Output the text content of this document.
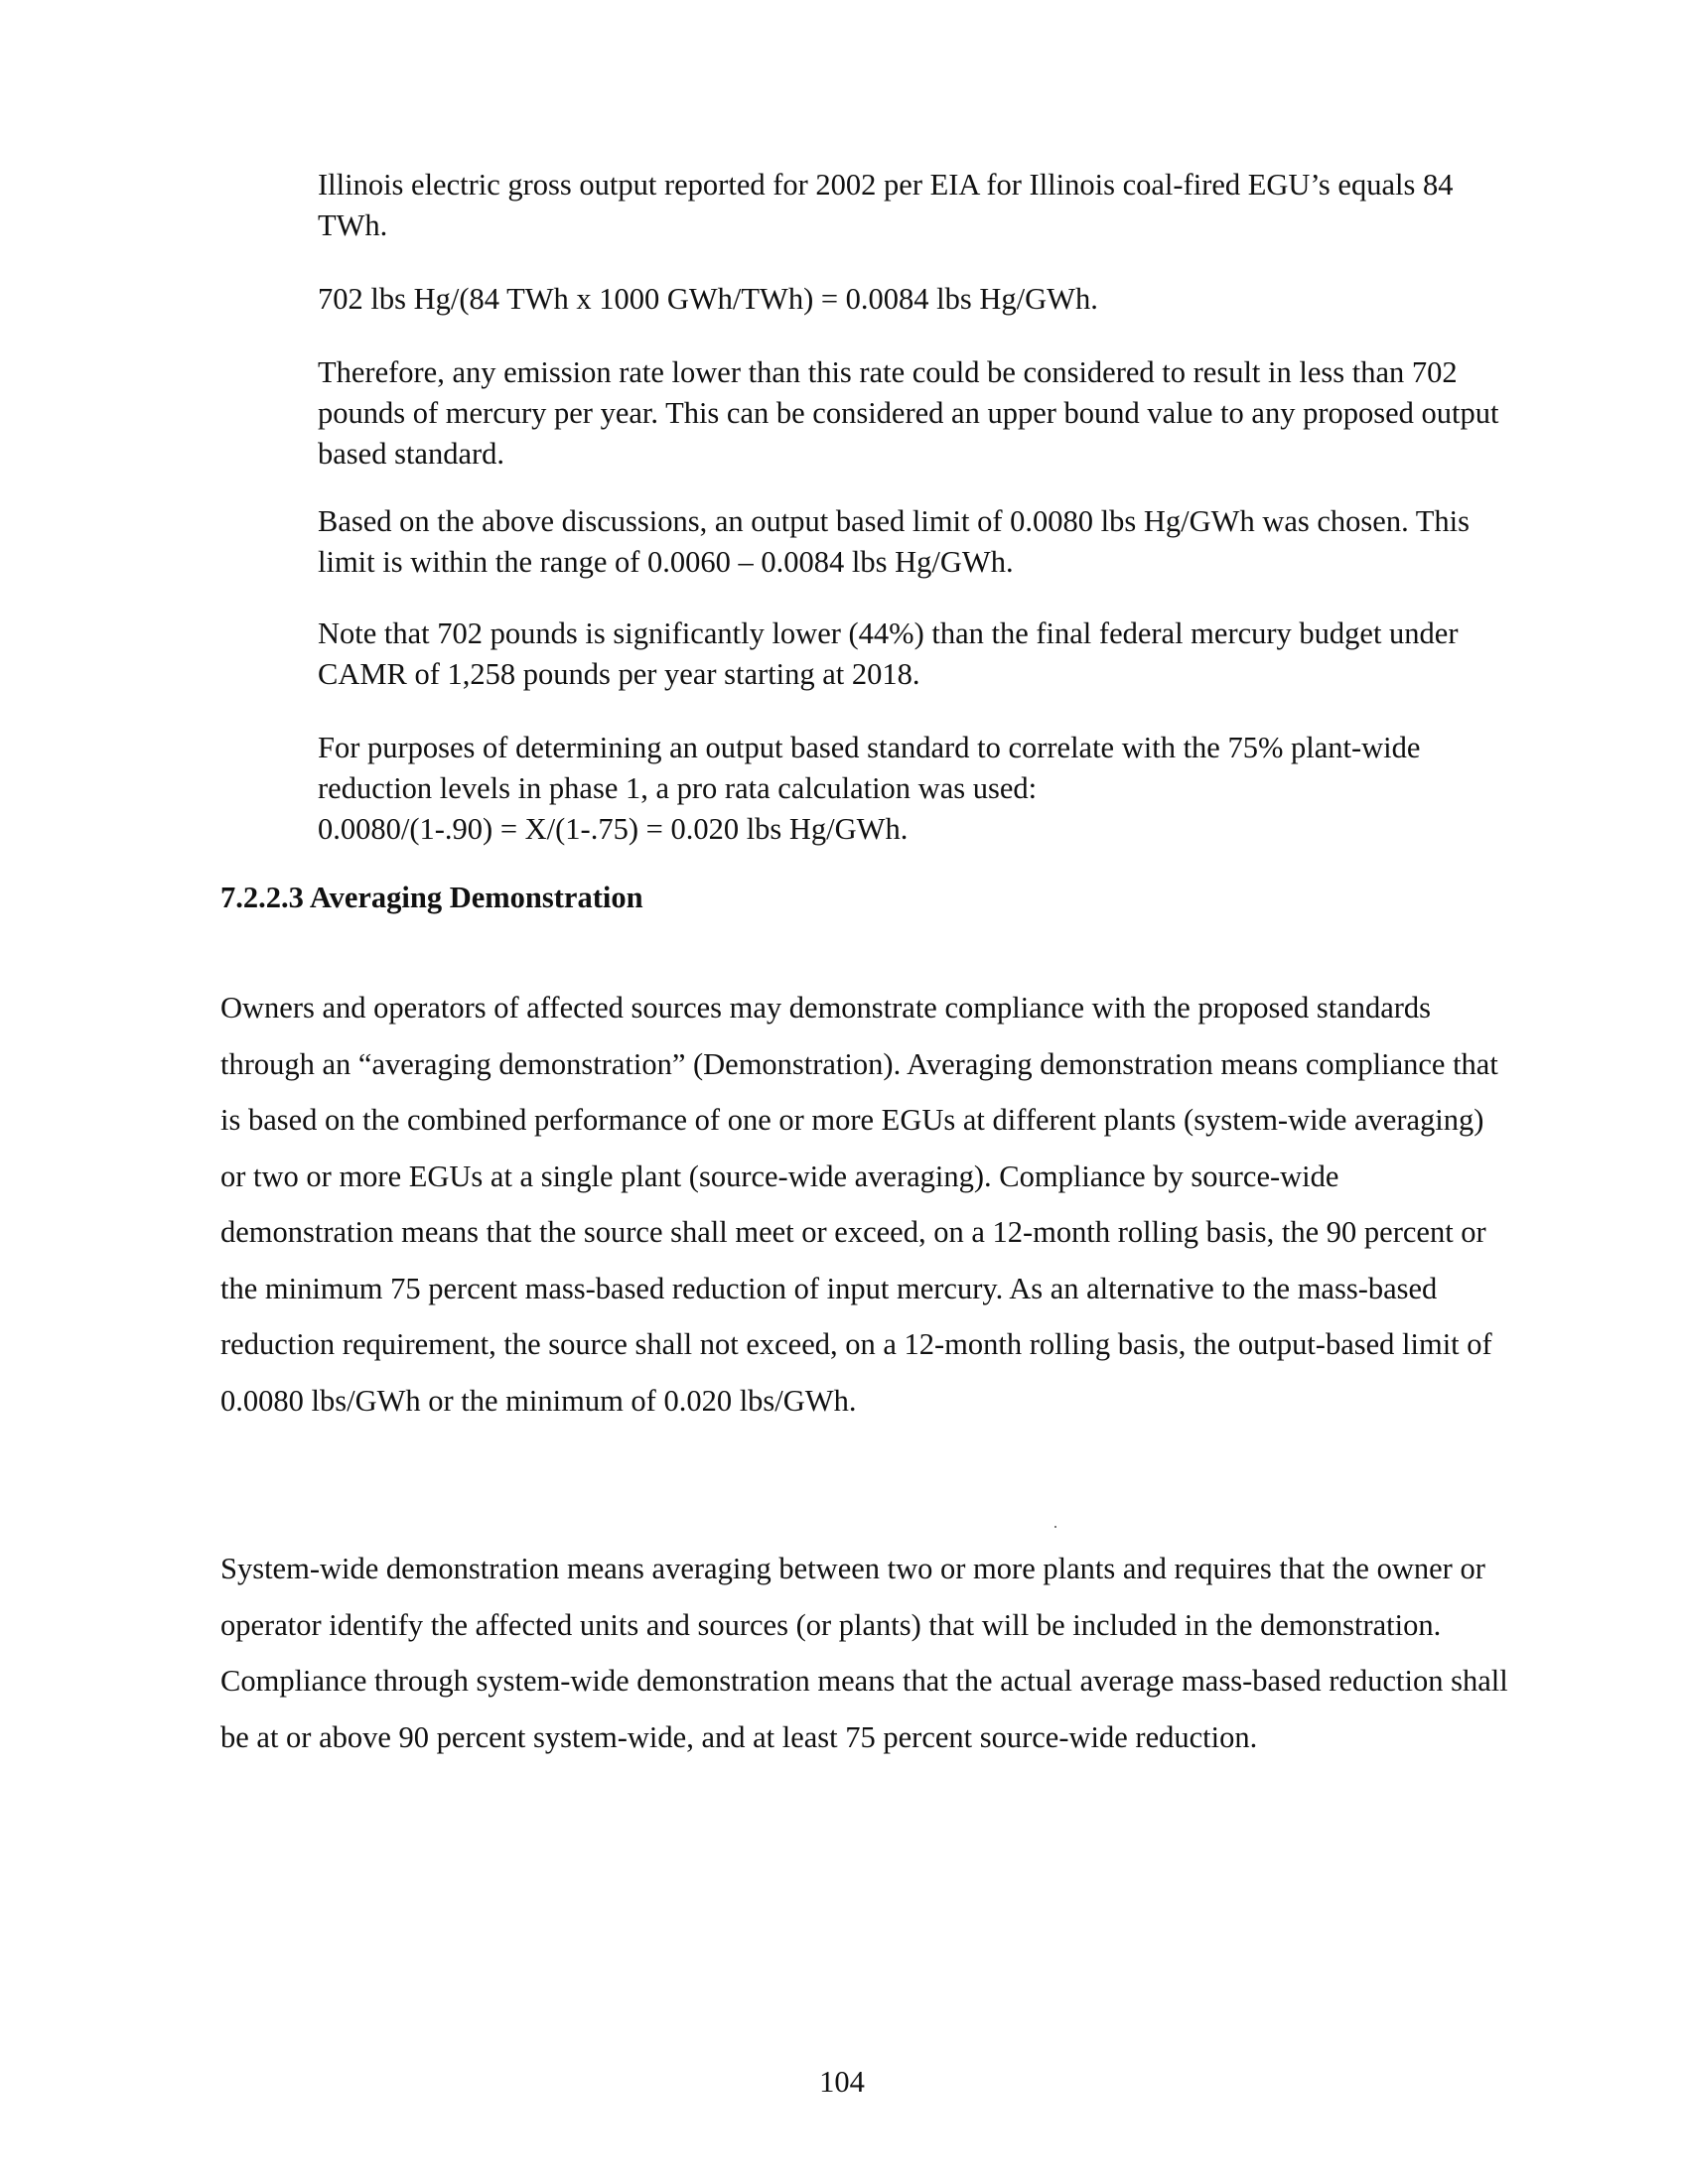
Illinois electric gross output reported for 2002 per EIA for Illinois coal-fired EGU’s equals 84 TWh.

702 lbs Hg/(84 TWh x 1000 GWh/TWh) = 0.0084 lbs Hg/GWh.

Therefore, any emission rate lower than this rate could be considered to result in less than 702 pounds of mercury per year. This can be considered an upper bound value to any proposed output based standard.

Based on the above discussions, an output based limit of 0.0080 lbs Hg/GWh was chosen. This limit is within the range of 0.0060 – 0.0084 lbs Hg/GWh.

Note that 702 pounds is significantly lower (44%) than the final federal mercury budget under CAMR of 1,258 pounds per year starting at 2018.

For purposes of determining an output based standard to correlate with the 75% plant-wide reduction levels in phase 1, a pro rata calculation was used:

0.0080/(1-.90) = X/(1-.75) = 0.020 lbs Hg/GWh.

7.2.2.3 Averaging Demonstration

Owners and operators of affected sources may demonstrate compliance with the proposed standards through an “averaging demonstration” (Demonstration). Averaging demonstration means compliance that is based on the combined performance of one or more EGUs at different plants (system-wide averaging) or two or more EGUs at a single plant (source-wide averaging). Compliance by source-wide demonstration means that the source shall meet or exceed, on a 12-month rolling basis, the 90 percent or the minimum 75 percent mass-based reduction of input mercury. As an alternative to the mass-based reduction requirement, the source shall not exceed, on a 12-month rolling basis, the output-based limit of 0.0080 lbs/GWh or the minimum of 0.020 lbs/GWh.

System-wide demonstration means averaging between two or more plants and requires that the owner or operator identify the affected units and sources (or plants) that will be included in the demonstration. Compliance through system-wide demonstration means that the actual average mass-based reduction shall be at or above 90 percent system-wide, and at least 75 percent source-wide reduction.

104
